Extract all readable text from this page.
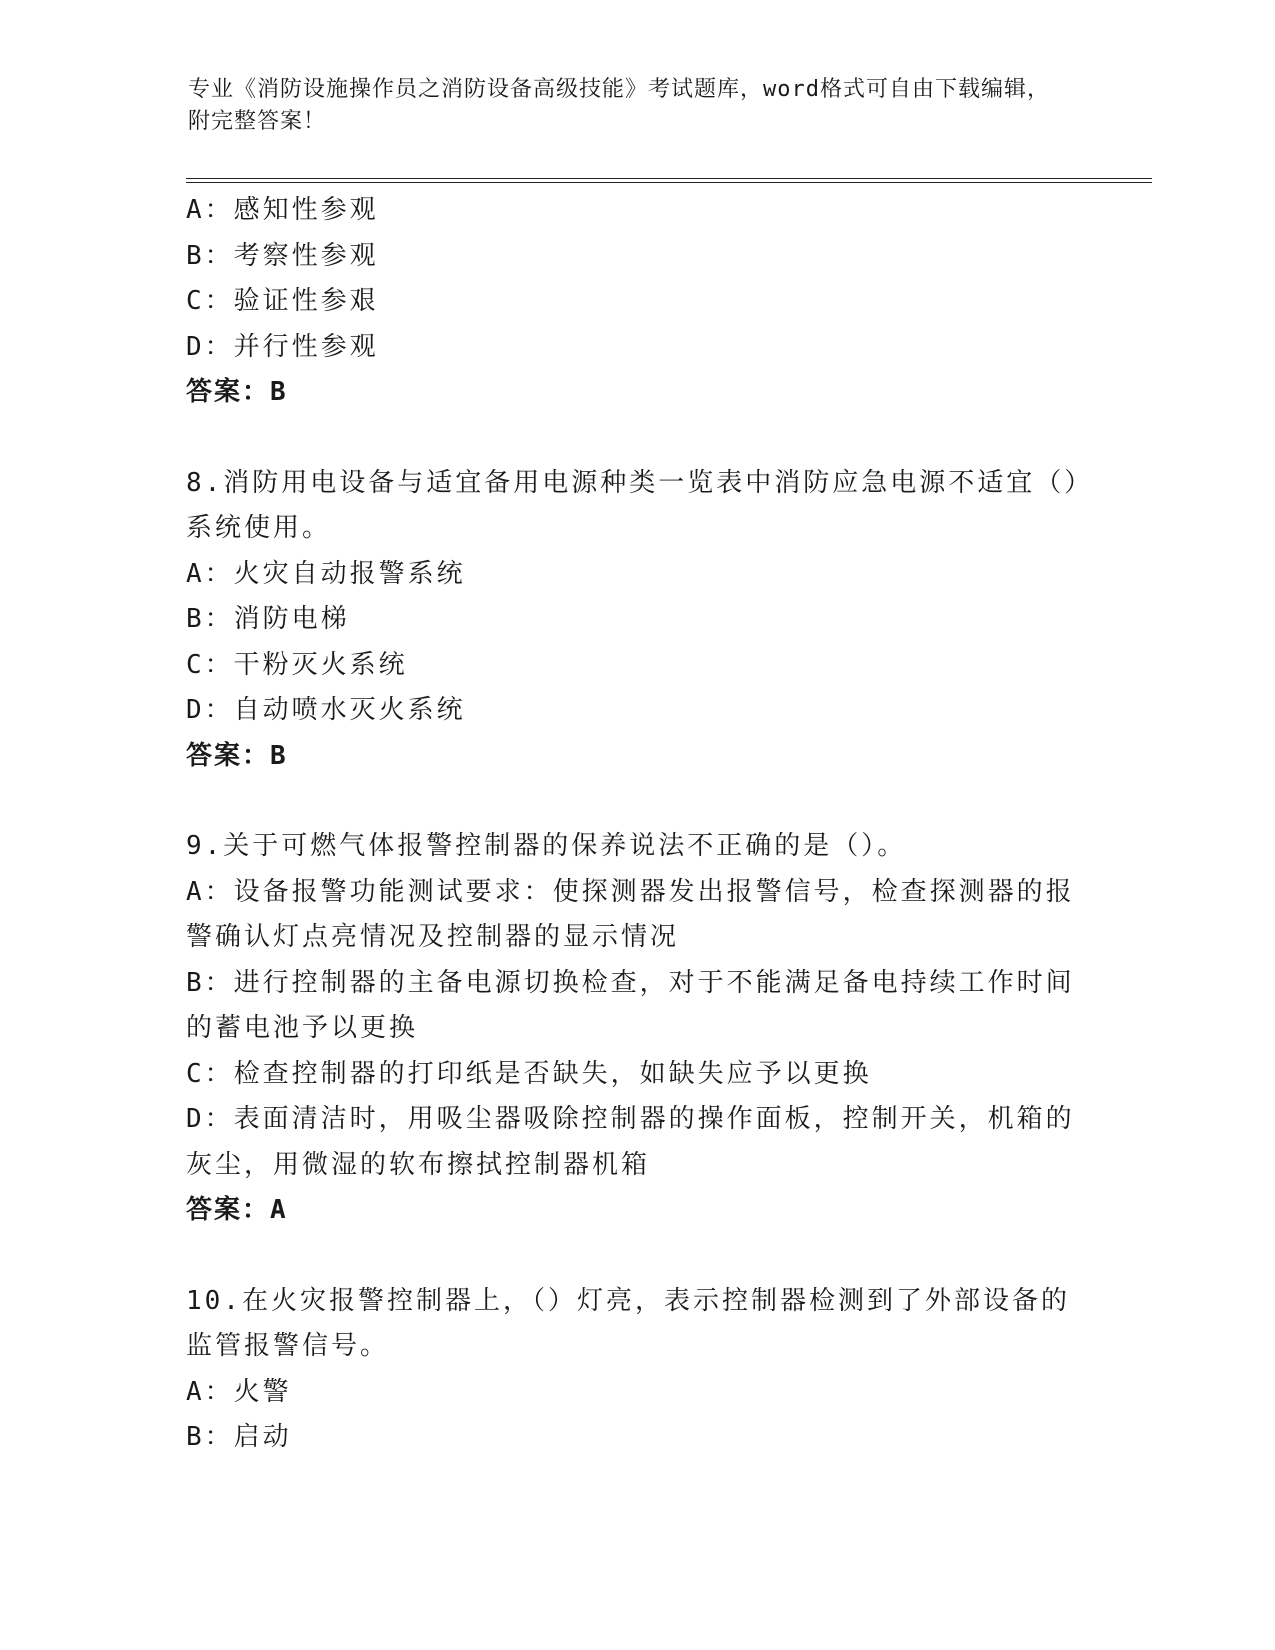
专业《消防设施操作员之消防设备高级技能》考试题库，word格式可自由下载编辑，附完整答案！
A：感知性参观
B：考察性参观
C：验证性参艰
D：并行性参观
答案：B
8.消防用电设备与适宜备用电源种类一览表中消防应急电源不适宜（）系统使用。
A：火灾自动报警系统
B：消防电梯
C：干粉灭火系统
D：自动喷水灭火系统
答案：B
9.关于可燃气体报警控制器的保养说法不正确的是（）。
A：设备报警功能测试要求：使探测器发出报警信号，检查探测器的报警确认灯点亮情况及控制器的显示情况
B：进行控制器的主备电源切换检查，对于不能满足备电持续工作时间的蓄电池予以更换
C：检查控制器的打印纸是否缺失，如缺失应予以更换
D：表面清洁时，用吸尘器吸除控制器的操作面板，控制开关，机箱的灰尘，用微湿的软布擦拭控制器机箱
答案：A
10.在火灾报警控制器上，（）灯亮，表示控制器检测到了外部设备的监管报警信号。
A：火警
B：启动
